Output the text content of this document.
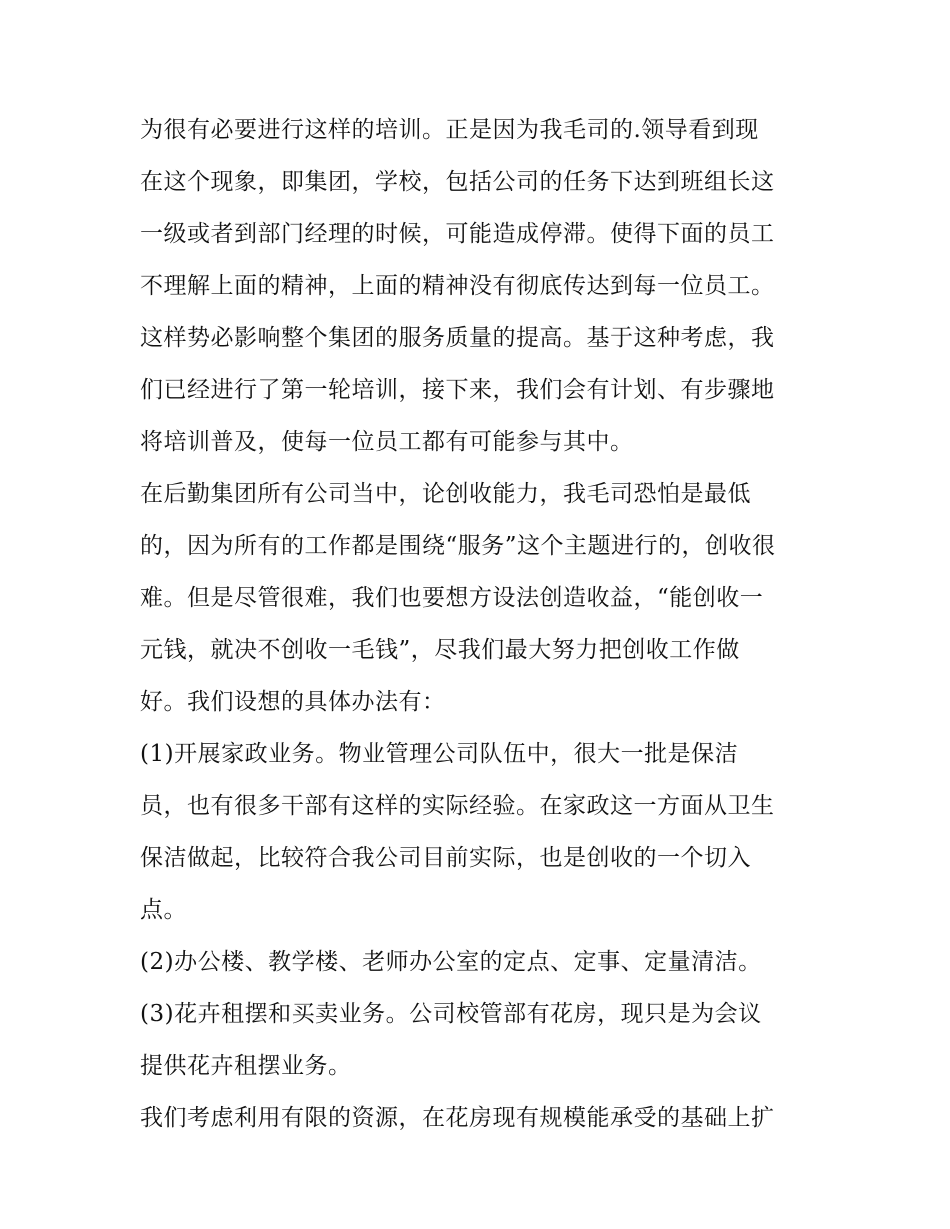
为很有必要进行这样的培训。正是因为我毛司的.领导看到现
在这个现象，即集团，学校，包括公司的任务下达到班组长这
一级或者到部门经理的时候，可能造成停滞。使得下面的员工
不理解上面的精神，上面的精神没有彻底传达到每一位员工。
这样势必影响整个集团的服务质量的提高。基于这种考虑，我
们已经进行了第一轮培训，接下来，我们会有计划、有步骤地
将培训普及，使每一位员工都有可能参与其中。
在后勤集团所有公司当中，论创收能力，我毛司恐怕是最低
的，因为所有的工作都是围绕“服务”这个主题进行的，创收很
难。但是尽管很难，我们也要想方设法创造收益，“能创收一
元钱，就决不创收一毛钱”，尽我们最大努力把创收工作做
好。我们设想的具体办法有：
(1)开展家政业务。物业管理公司队伍中，很大一批是保洁
员，也有很多干部有这样的实际经验。在家政这一方面从卫生
保洁做起，比较符合我公司目前实际，也是创收的一个切入
点。
(2)办公楼、教学楼、老师办公室的定点、定事、定量清洁。
(3)花卉租摆和买卖业务。公司校管部有花房，现只是为会议
提供花卉租摆业务。
我们考虑利用有限的资源，在花房现有规模能承受的基础上扩
